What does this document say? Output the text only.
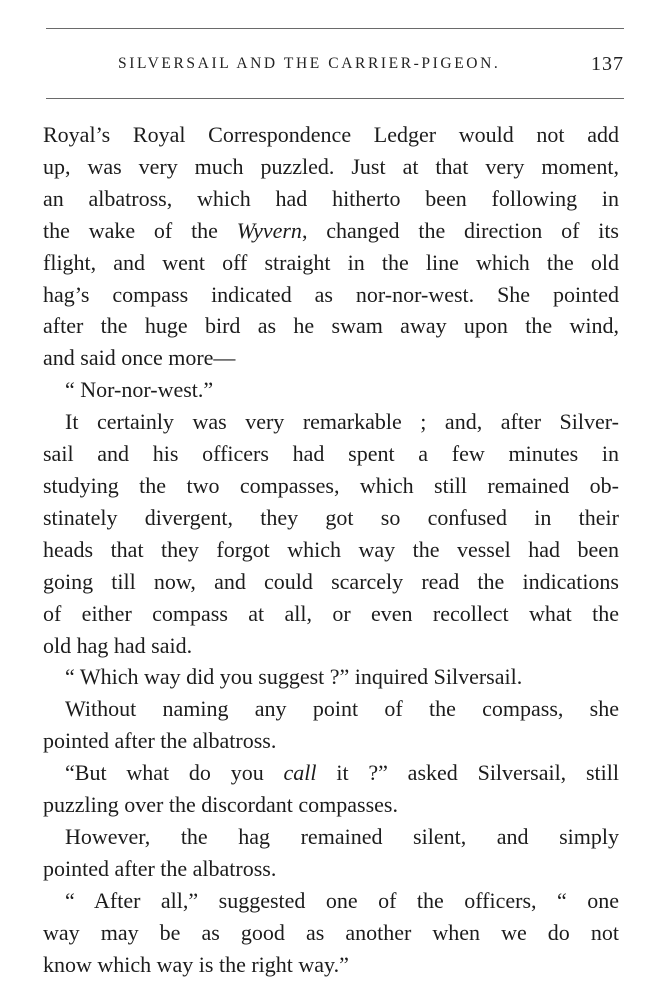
SILVERSAIL AND THE CARRIER-PIGEON.	137

Royal’s Royal Correspondence Ledger would not add
up, was very much puzzled. Just at that very moment,
an albatross, which had hitherto been following in
the wake of the Wyvern, changed the direction of its
flight, and went off straight in the line which the old
hag’s compass indicated as nor-nor-west. She pointed
after the huge bird as he swam away upon the wind,
and said once more—

“ Nor-nor-west.”

It certainly was very remarkable ; and, after Silver-
sail and his officers had spent a few minutes in
studying the two compasses, which still remained ob-
stinately divergent, they got so confused in their
heads that they forgot which way the vessel had been
going till now, and could scarcely read the indications
of either compass at all, or even recollect what the
old hag had said.

“ Which way did you suggest ?” inquired Silversail.

Without naming any point of the compass, she
pointed after the albatross.

“But what do you call it ?” asked Silversail, still
puzzling over the discordant compasses.

However, the hag remained silent, and simply
pointed after the albatross.

“ After all,” suggested one of the officers, “ one
way may be as good as another when we do not
know which way is the right way.”
